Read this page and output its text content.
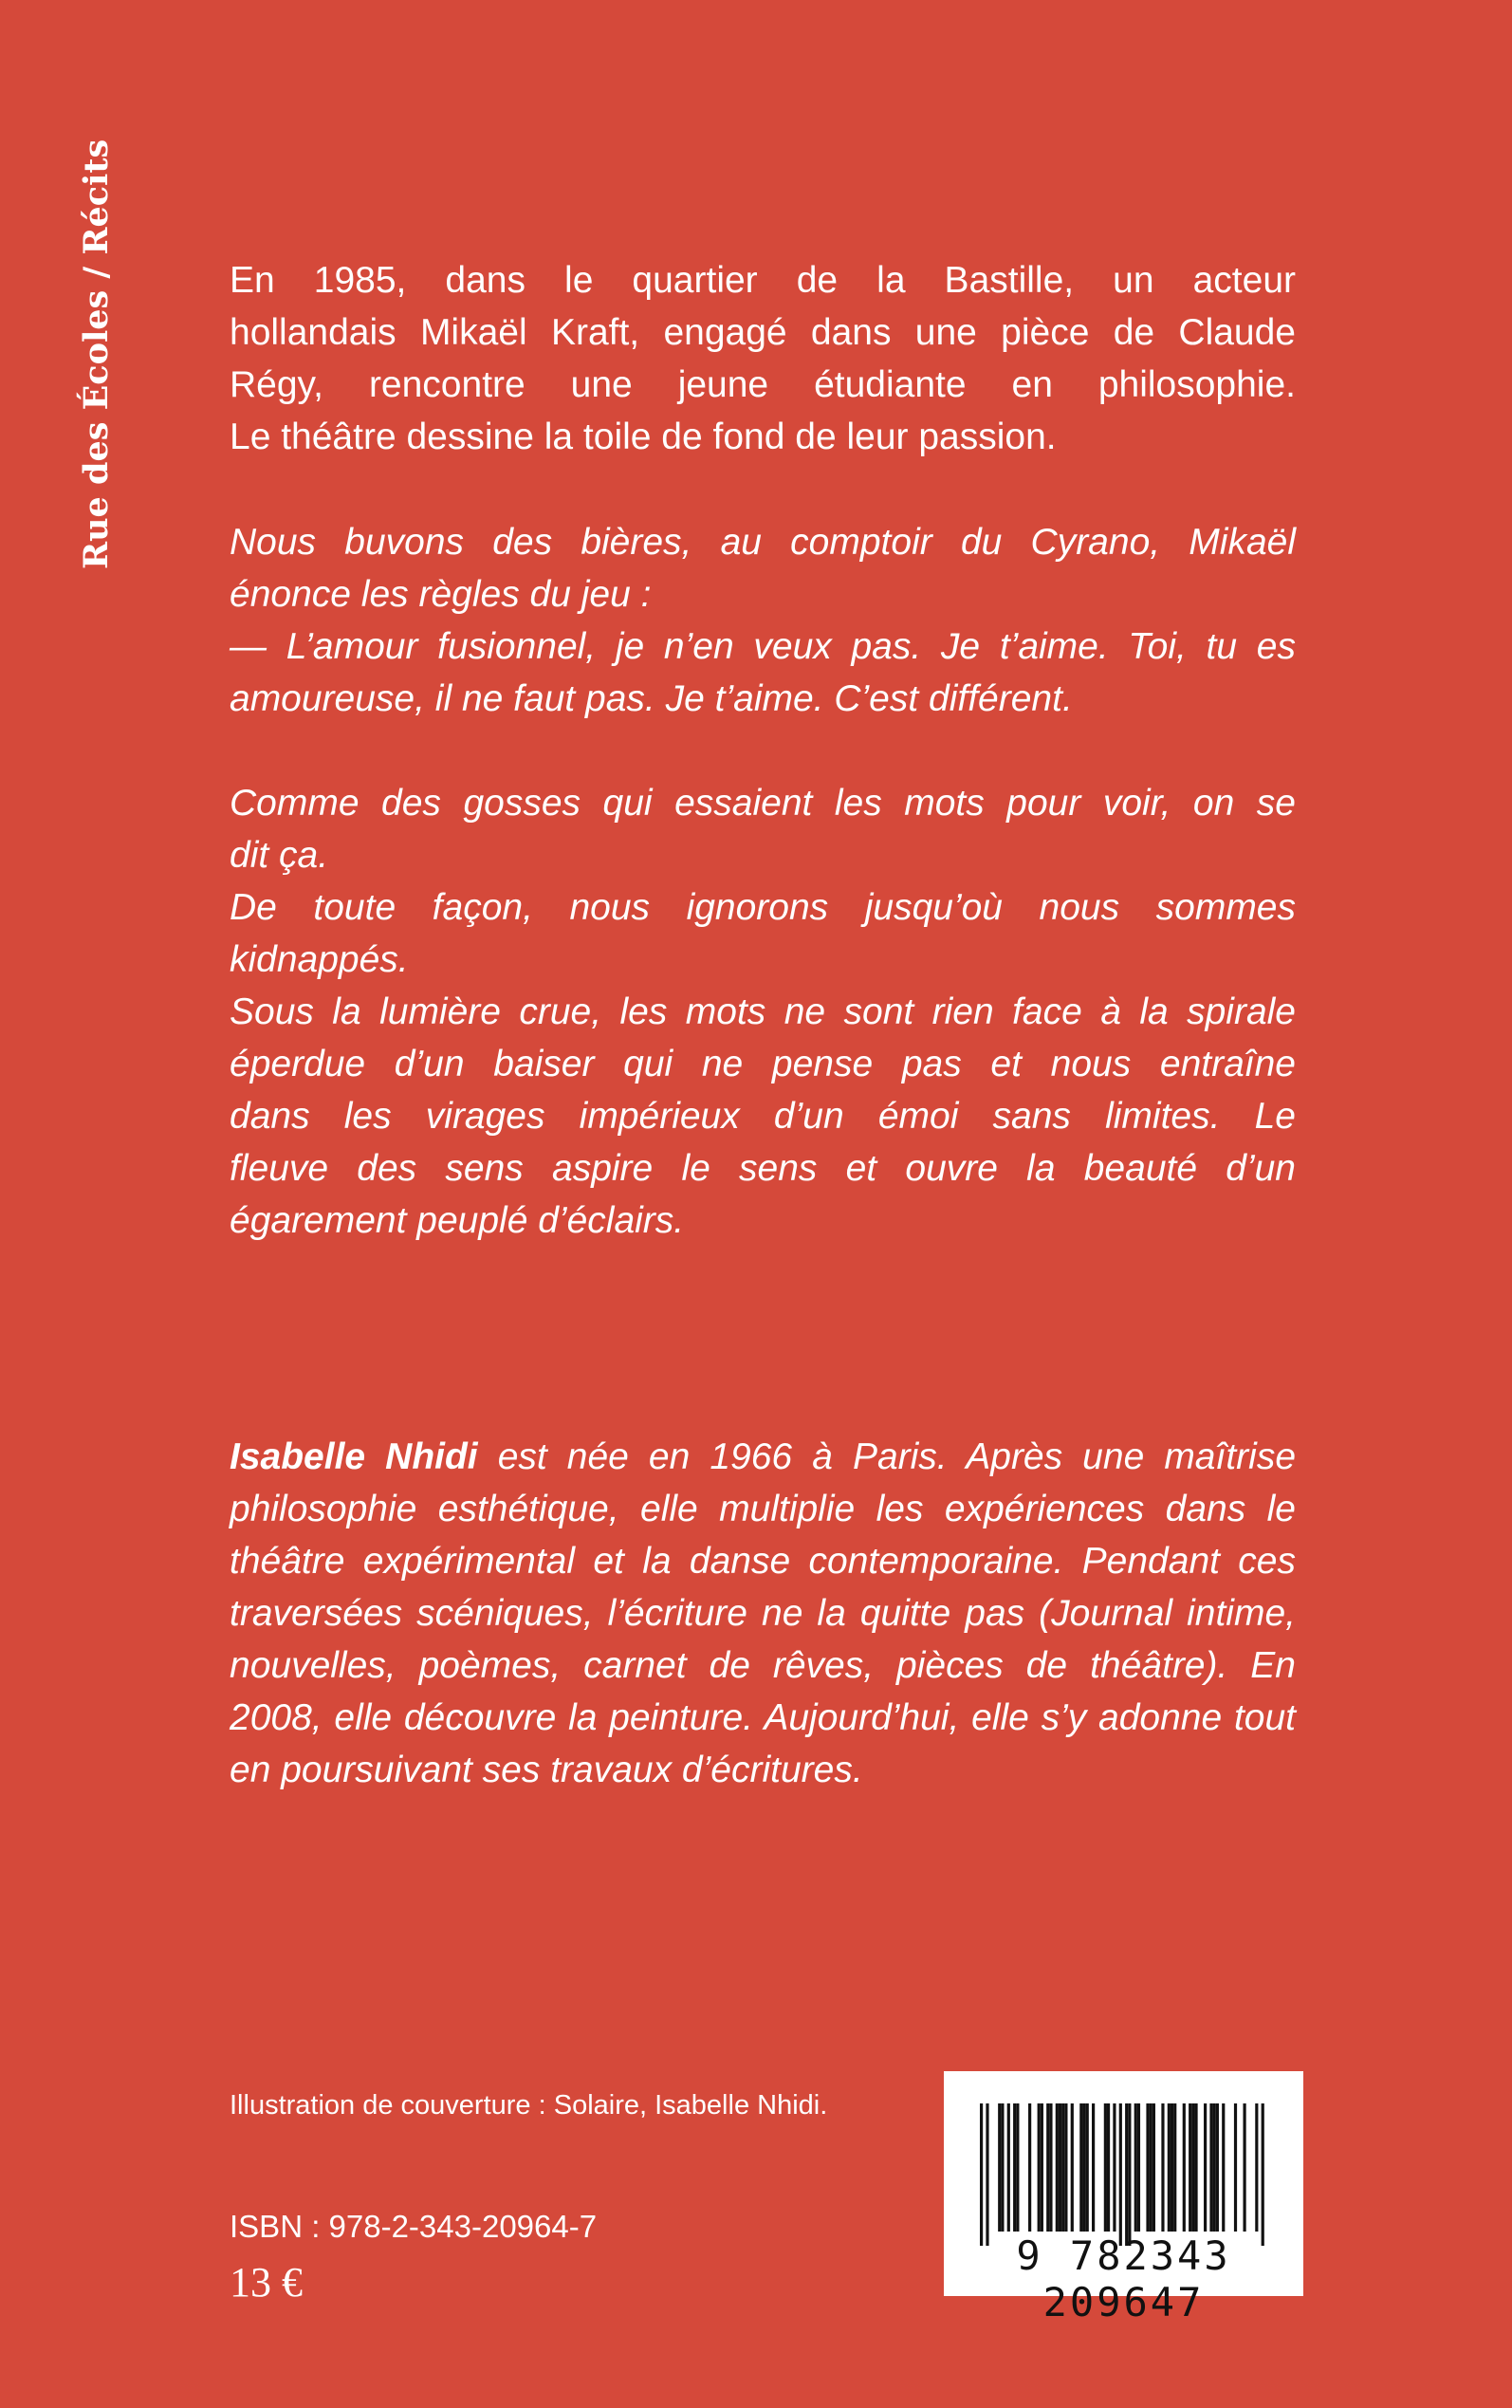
Rue des Écoles / Récits	En 1985, dans le quartier de la Bastille, un acteur
hollandais Mikaël Kraft, engagé dans une pièce de Claude
Régy, rencontre une jeune étudiante en philosophie.
Le théâtre dessine la toile de fond de leur passion.
Nous buvons des bières, au comptoir du Cyrano, Mikaël
énonce les règles du jeu :
— L’amour fusionnel, je n’en veux pas. Je t’aime. Toi, tu es
amoureuse, il ne faut pas. Je t’aime. C’est différent.
Comme des gosses qui essaient les mots pour voir, on se
dit ça.
De toute façon, nous ignorons jusqu’où nous sommes
kidnappés.
Sous la lumière crue, les mots ne sont rien face à la spirale
éperdue d’un baiser qui ne pense pas et nous entraîne
dans les virages impérieux d’un émoi sans limites. Le
fleuve des sens aspire le sens et ouvre la beauté d’un
égarement peuplé d’éclairs.
Isabelle Nhidi est née en 1966 à Paris. Après une maîtrise
philosophie esthétique, elle multiplie les expériences dans le
théâtre expérimental et la danse contemporaine. Pendant ces
traversées scéniques, l’écriture ne la quitte pas (Journal intime,
nouvelles, poèmes, carnet de rêves, pièces de théâtre). En
2008, elle découvre la peinture. Aujourd’hui, elle s’y adonne tout
en poursuivant ses travaux d’écritures.
Illustration de couverture : Solaire, Isabelle Nhidi.
ISBN : 978-2-343-20964-7
13 €
9 782343 209647
